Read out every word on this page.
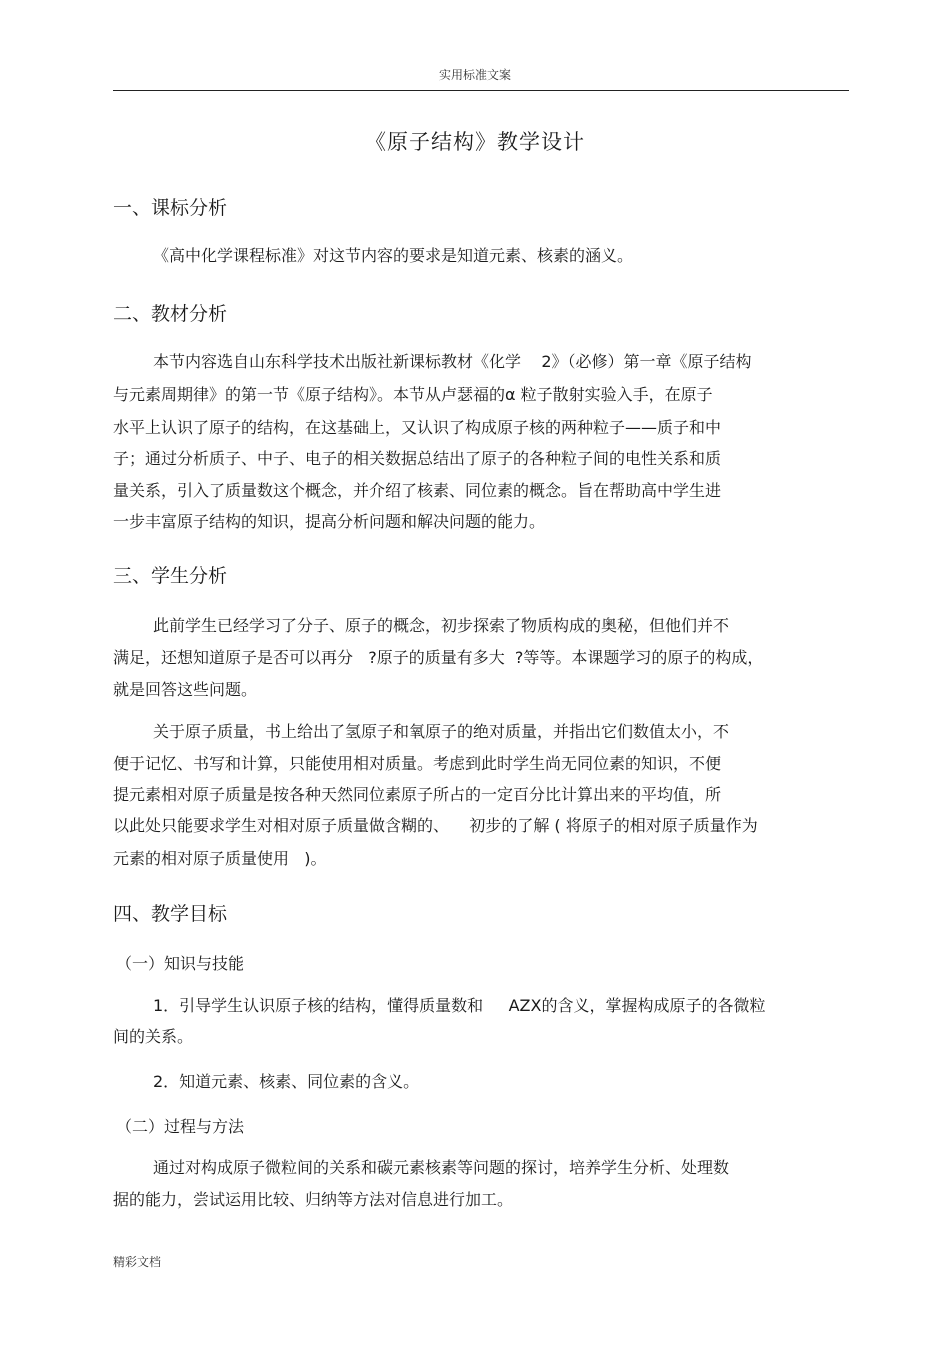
实用标准文案
《原子结构》教学设计
一、课标分析
《高中化学课程标准》对这节内容的要求是知道元素、核素的涵义。
二、教材分析
本节内容选自山东科学技术出版社新课标教材《化学    2》（必修）第一章《原子结构
与元素周期律》的第一节《原子结构》。本节从卢瑟福的α 粒子散射实验入手，在原子
水平上认识了原子的结构，在这基础上，又认识了构成原子核的两种粒子——质子和中
子；通过分析质子、中子、电子的相关数据总结出了原子的各种粒子间的电性关系和质
量关系，引入了质量数这个概念，并介绍了核素、同位素的概念。旨在帮助高中学生进
一步丰富原子结构的知识，提高分析问题和解决问题的能力。
三、学生分析
此前学生已经学习了分子、原子的概念，初步探索了物质构成的奥秘，但他们并不
满足，还想知道原子是否可以再分   ?原子的质量有多大  ?等等。本课题学习的原子的构成，
就是回答这些问题。
关于原子质量，书上给出了氢原子和氧原子的绝对质量，并指出它们数值太小，不
便于记忆、书写和计算，只能使用相对质量。考虑到此时学生尚无同位素的知识，不便
提元素相对原子质量是按各种天然同位素原子所占的一定百分比计算出来的平均值，所
以此处只能要求学生对相对原子质量做含糊的、    初步的了解 ( 将原子的相对原子质量作为
元素的相对原子质量使用   )。
四、教学目标
（一）知识与技能
1．引导学生认识原子核的结构，懂得质量数和     AZX的含义，掌握构成原子的各微粒
间的关系。
2．知道元素、核素、同位素的含义。
（二）过程与方法
通过对构成原子微粒间的关系和碳元素核素等问题的探讨，培养学生分析、处理数
据的能力，尝试运用比较、归纳等方法对信息进行加工。
精彩文档
